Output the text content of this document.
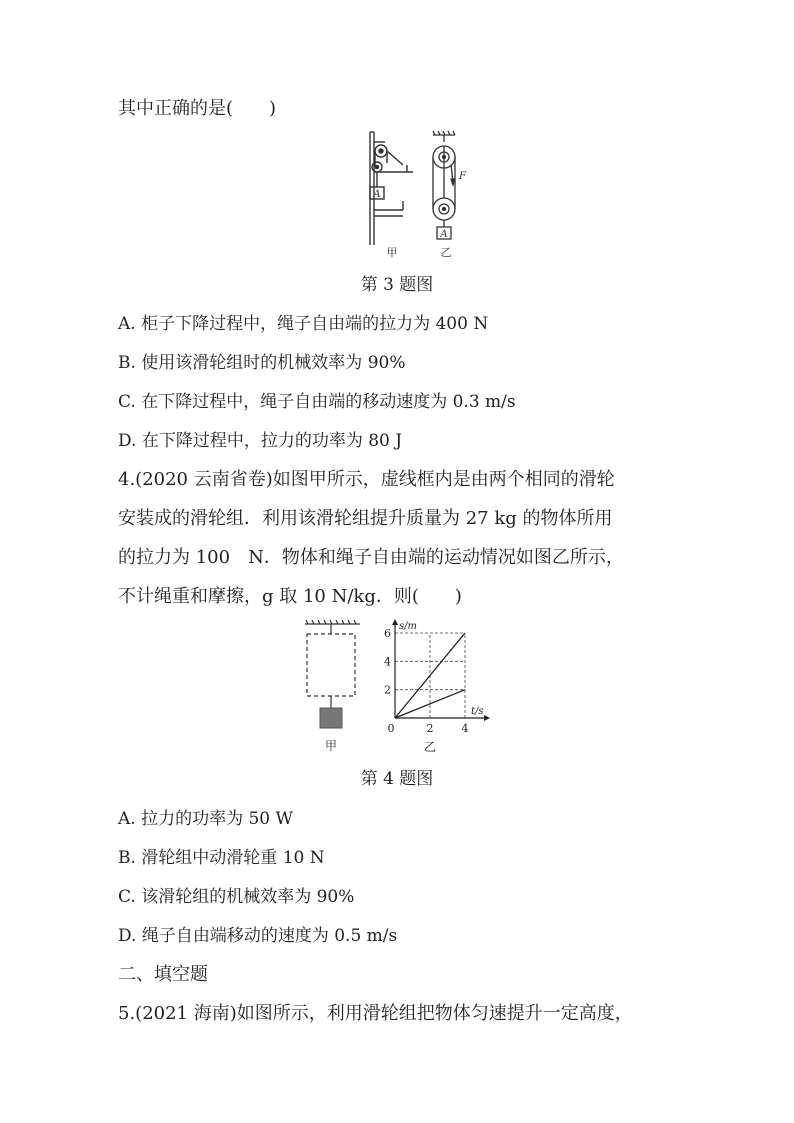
其中正确的是(　　)
A
A
F
甲	乙
第 3 题图
A. 柜子下降过程中，绳子自由端的拉力为 400 N
B. 使用该滑轮组时的机械效率为 90%
C. 在下降过程中，绳子自由端的移动速度为 0.3 m/s
D. 在下降过程中，拉力的功率为 80 J
4.(2020 云南省卷)如图甲所示，虚线框内是由两个相同的滑轮
安装成的滑轮组．利用该滑轮组提升质量为 27 kg 的物体所用
的拉力为 100　N．物体和绳子自由端的运动情况如图乙所示，
不计绳重和摩擦，g 取 10 N/kg．则(　　)
甲
2
4
6
0	2	4
s/m
t/s
乙
第 4 题图
A. 拉力的功率为 50 W
B. 滑轮组中动滑轮重 10 N
C. 该滑轮组的机械效率为 90%
D. 绳子自由端移动的速度为 0.5 m/s
二、填空题
5.(2021 海南)如图所示，利用滑轮组把物体匀速提升一定高度，
